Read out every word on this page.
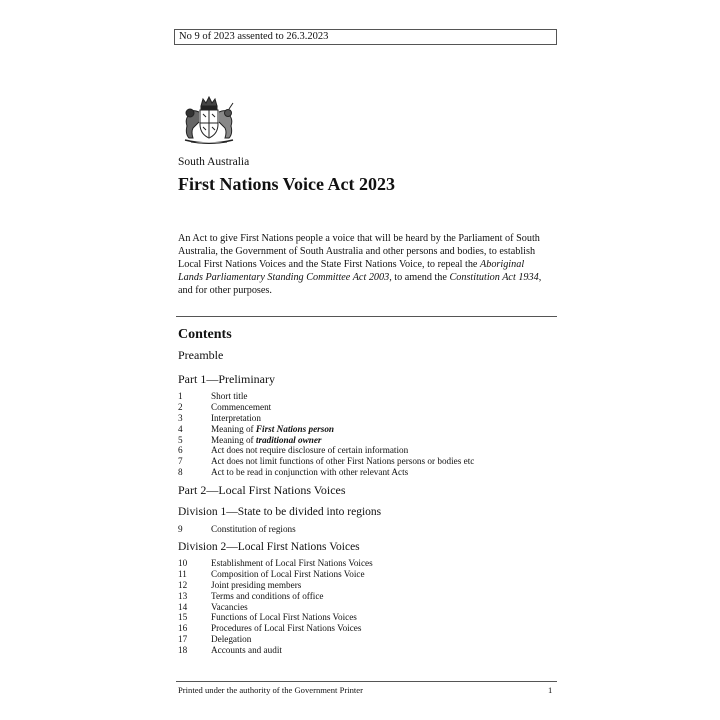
No 9 of 2023 assented to 26.3.2023
South Australia
First Nations Voice Act 2023
An Act to give First Nations people a voice that will be heard by the Parliament of South Australia, the Government of South Australia and other persons and bodies, to establish Local First Nations Voices and the State First Nations Voice, to repeal the Aboriginal Lands Parliamentary Standing Committee Act 2003, to amend the Constitution Act 1934, and for other purposes.
Contents
Preamble
Part 1—Preliminary
1	Short title
2	Commencement
3	Interpretation
4	Meaning of First Nations person
5	Meaning of traditional owner
6	Act does not require disclosure of certain information
7	Act does not limit functions of other First Nations persons or bodies etc
8	Act to be read in conjunction with other relevant Acts
Part 2—Local First Nations Voices
Division 1—State to be divided into regions
9	Constitution of regions
Division 2—Local First Nations Voices
10	Establishment of Local First Nations Voices
11	Composition of Local First Nations Voice
12	Joint presiding members
13	Terms and conditions of office
14	Vacancies
15	Functions of Local First Nations Voices
16	Procedures of Local First Nations Voices
17	Delegation
18	Accounts and audit
Printed under the authority of the Government Printer	1
